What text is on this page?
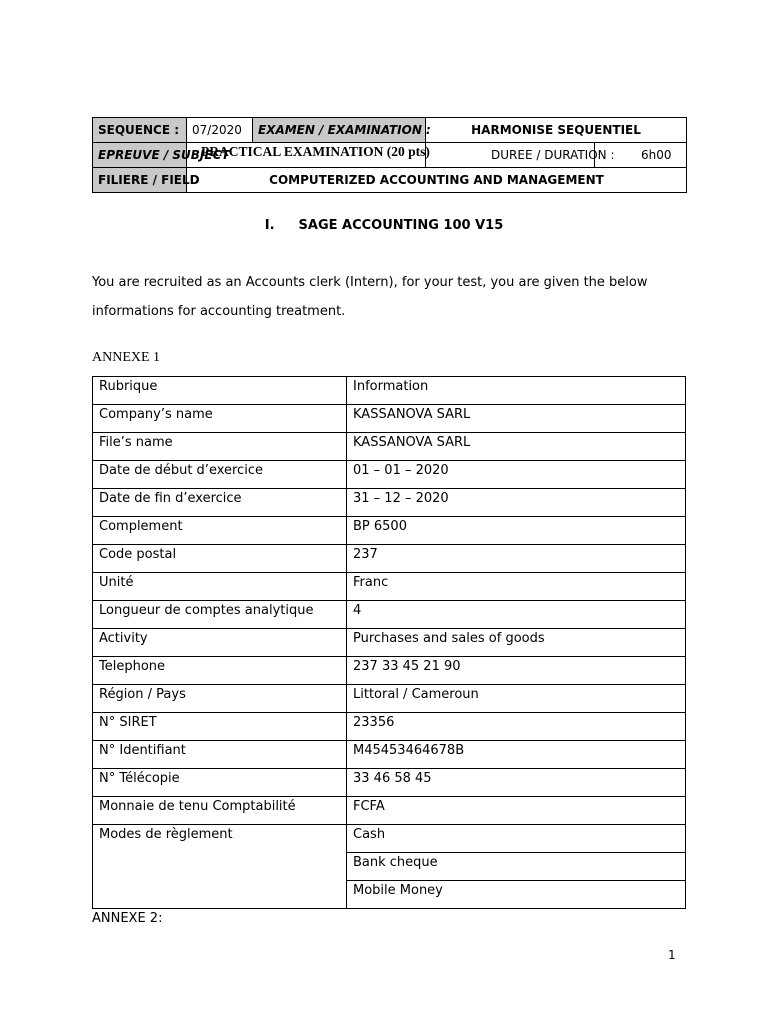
SEQUENCE :	07/2020	EXAMEN / EXAMINATION :	HARMONISE SEQUENTIEL	
EPREUVE / SUBJECT	PRACTICAL EXAMINATION (20 pts)		DUREE / DURATION :	6h00
FILIERE / FIELD	COMPUTERIZED ACCOUNTING AND MANAGEMENT			
I. SAGE ACCOUNTING 100 V15
You are recruited as an Accounts clerk (Intern), for your test, you are given the below
informations for accounting treatment.
ANNEXE 1
Rubrique	Information
Company’s name	KASSANOVA SARL
File’s name	KASSANOVA SARL
Date de début d’exercice	01 – 01 – 2020
Date de fin d’exercice	31 – 12 – 2020
Complement	BP 6500
Code postal	237
Unité	Franc
Longueur de comptes analytique	4
Activity	Purchases and sales of goods
Telephone	237 33 45 21 90
Région / Pays	Littoral / Cameroun
N° SIRET	23356
N° Identifiant	M45453464678B
N° Télécopie	33 46 58 45
Monnaie de tenu Comptabilité	FCFA
Modes de règlement	Cash
	Bank cheque
	Mobile Money
ANNEXE 2:
1
